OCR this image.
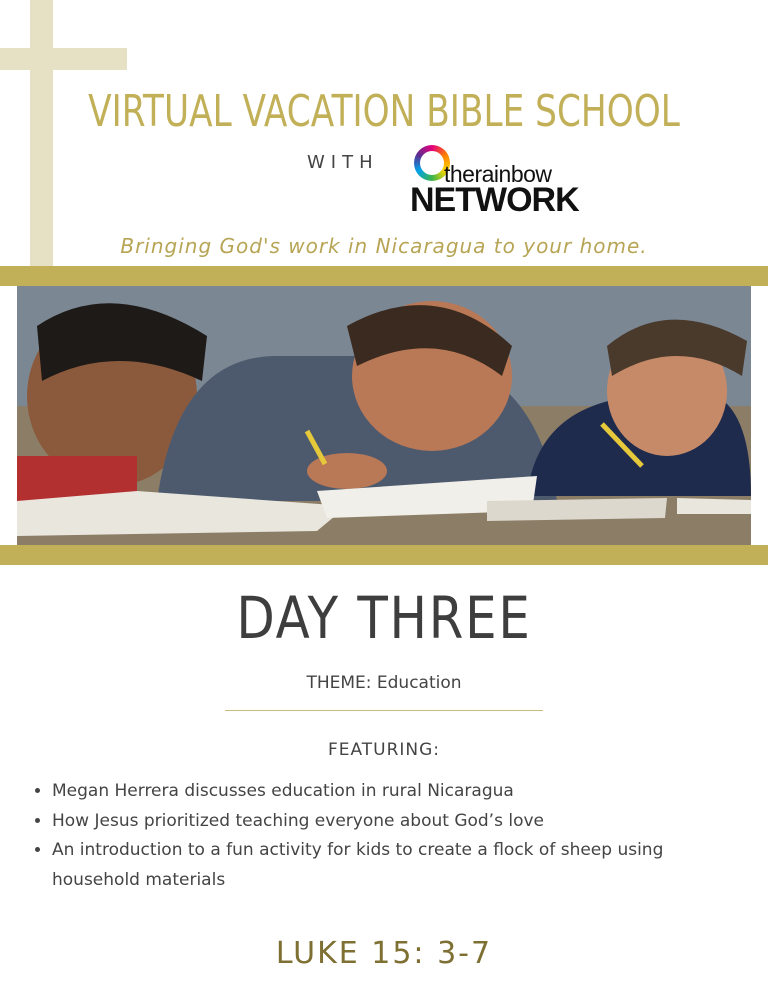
VIRTUAL VACATION BIBLE SCHOOL
WITH	therainbow
NETWORK
Bringing God's work in Nicaragua to your home.
DAY THREE
THEME: Education
FEATURING:
• Megan Herrera discusses education in rural Nicaragua
• How Jesus prioritized teaching everyone about God’s love
• An introduction to a fun activity for kids to create a flock of sheep using household materials
LUKE 15: 3-7
